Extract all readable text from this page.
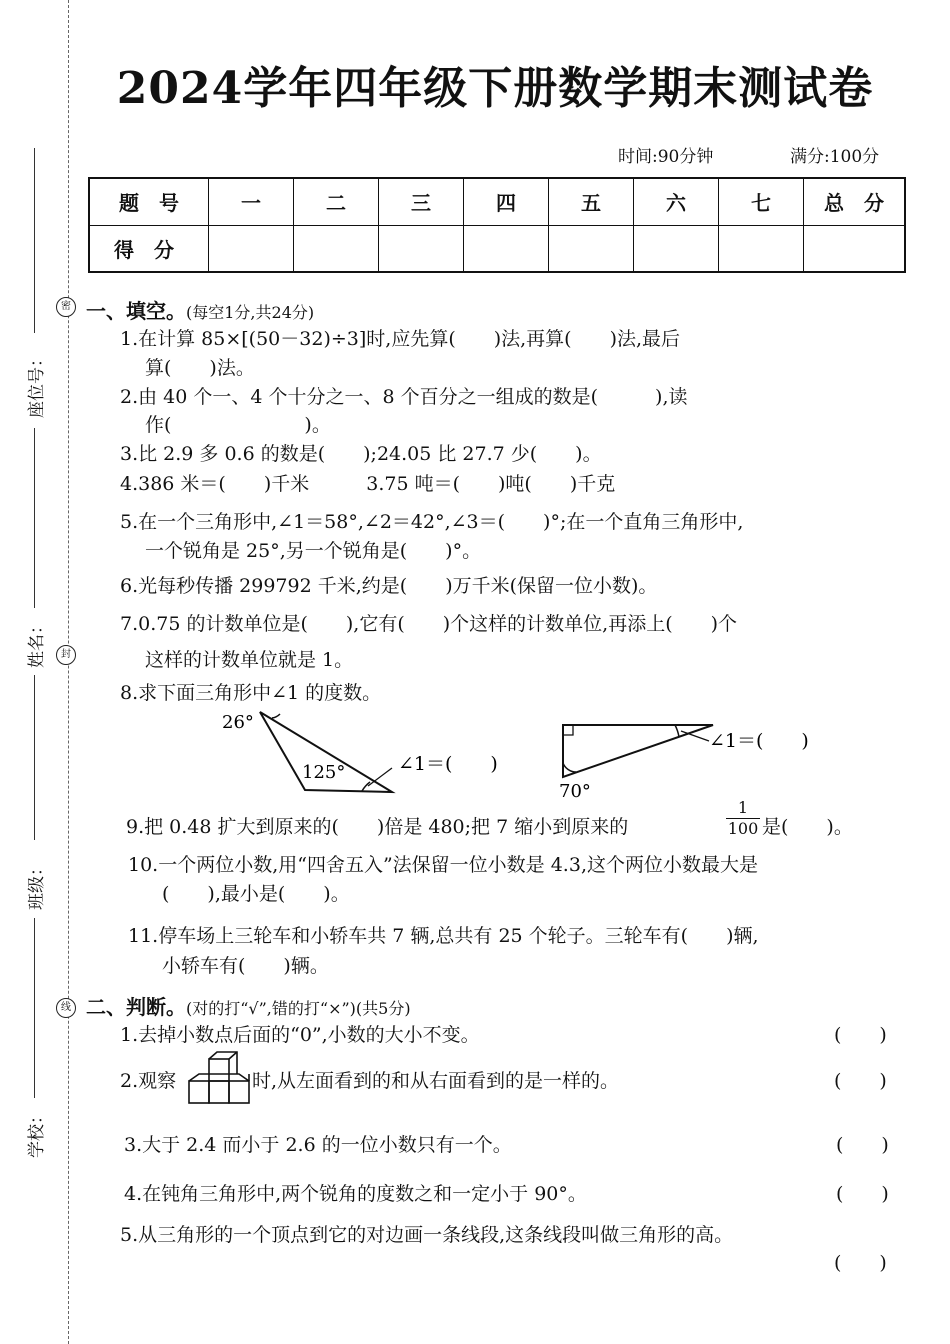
密
封
线
座位号：
姓名：
班级：
学校：
2024学年四年级下册数学期末测试卷
时间:90分钟	满分:100分
题　号	一	二	三	四	五	六	七	总　分
得　分								
一、填空。(每空1分,共24分)
1.在计算 85×[(50－32)÷3]时,应先算(　　)法,再算(　　)法,最后
算(　　)法。
2.由 40 个一、4 个十分之一、8 个百分之一组成的数是(　　　),读
作(　　　　　　　)。
3.比 2.9 多 0.6 的数是(　　);24.05 比 27.7 少(　　)。
4.386 米＝(　　)千米　　　3.75 吨＝(　　)吨(　　)千克
5.在一个三角形中,∠1＝58°,∠2＝42°,∠3＝(　　)°;在一个直角三角形中,
一个锐角是 25°,另一个锐角是(　　)°。
6.光每秒传播 299792 千米,约是(　　)万千米(保留一位小数)。
7.0.75 的计数单位是(　　),它有(　　)个这样的计数单位,再添上(　　)个
这样的计数单位就是 1。
8.求下面三角形中∠1 的度数。
26°
125°	∠1＝(　　)
70°
∠1＝(　　)
9.把 0.48 扩大到原来的(　　)倍是 480;把 7 缩小到原来的	$\frac{1}{100}$ 是(　　)。
10.一个两位小数,用“四舍五入”法保留一位小数是 4.3,这个两位小数最大是
(　　),最小是(　　)。
11.停车场上三轮车和小轿车共 7 辆,总共有 25 个轮子。三轮车有(　　)辆,
小轿车有(　　)辆。
二、判断。(对的打“√”,错的打“×”)(共5分)
1.去掉小数点后面的“0”,小数的大小不变。	(　　)
2.观察	时,从左面看到的和从右面看到的是一样的。	(　　)
3.大于 2.4 而小于 2.6 的一位小数只有一个。	(　　)
4.在钝角三角形中,两个锐角的度数之和一定小于 90°。	(　　)
5.从三角形的一个顶点到它的对边画一条线段,这条线段叫做三角形的高。
(　　)
